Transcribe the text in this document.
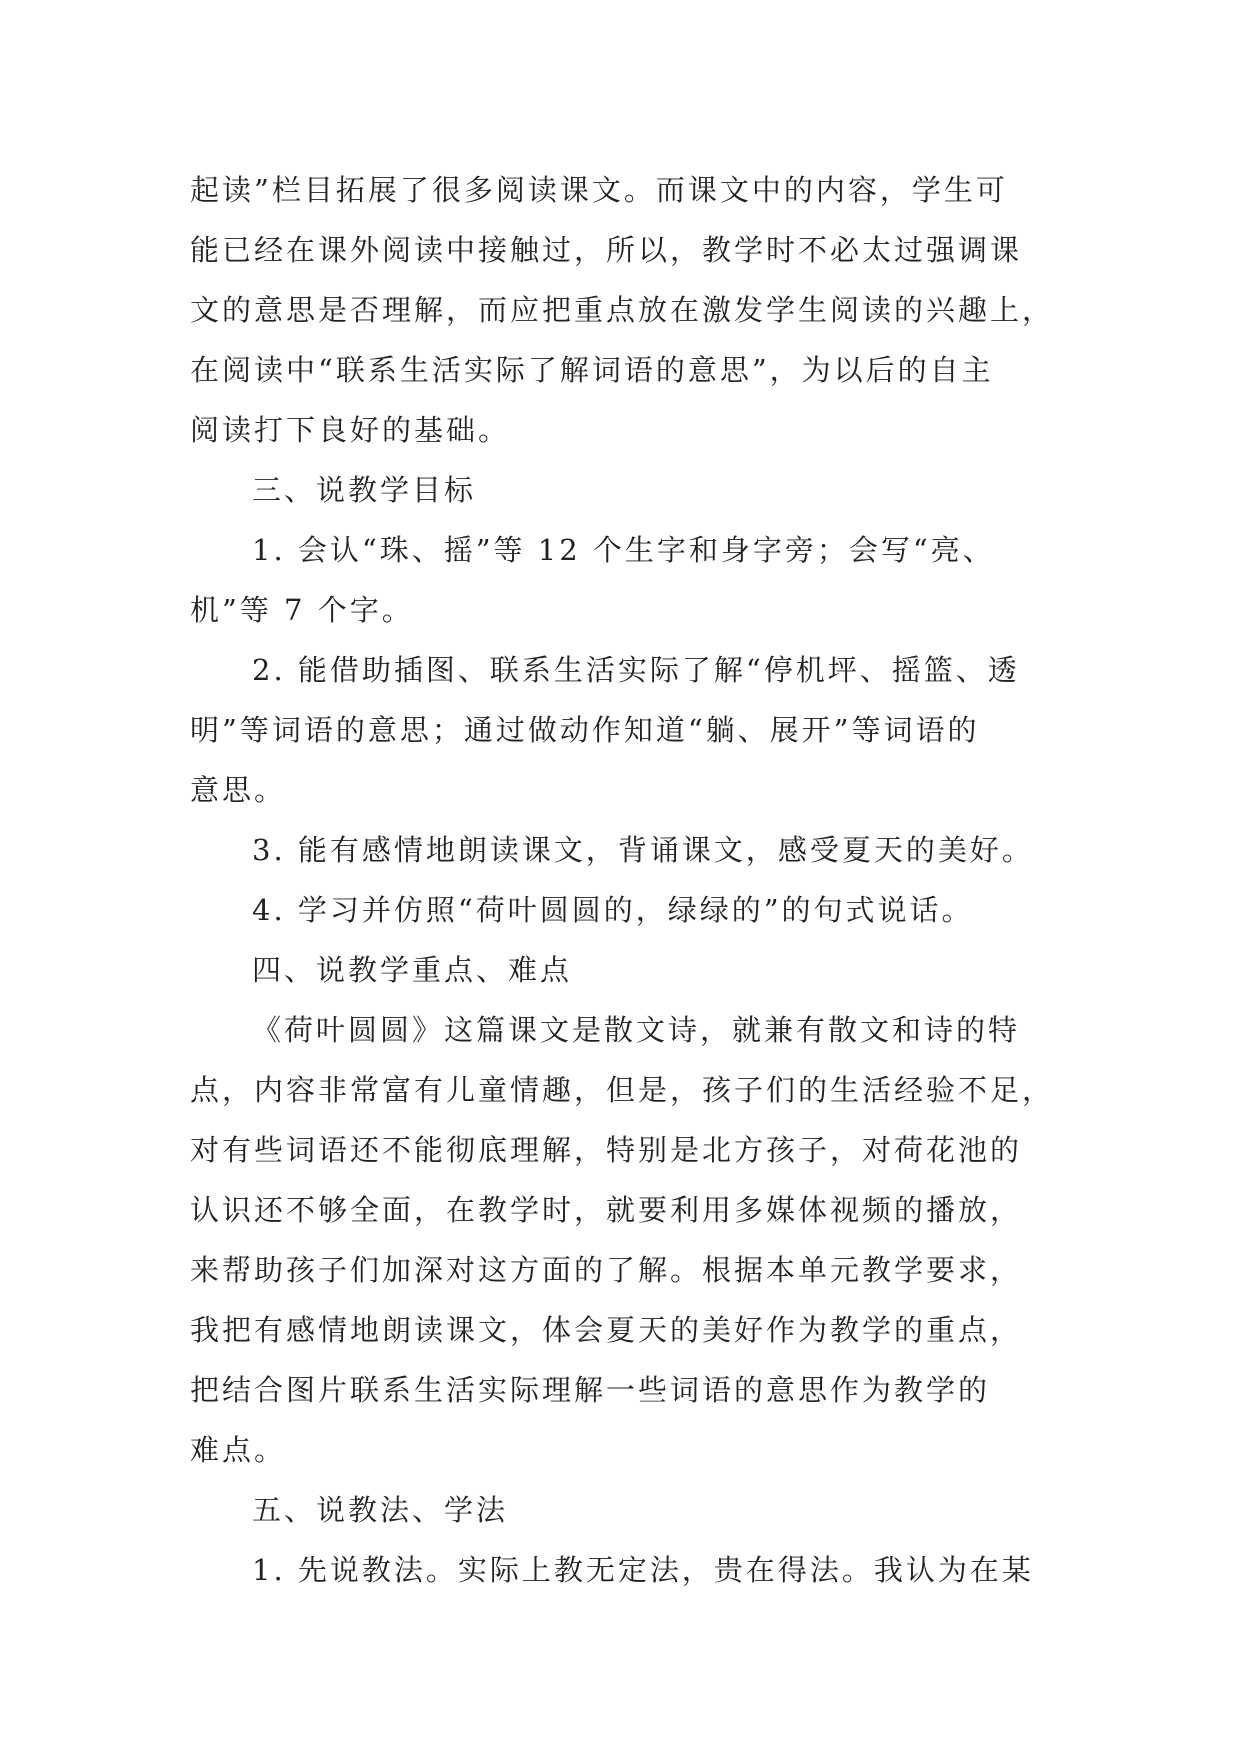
起读”栏目拓展了很多阅读课文。而课文中的内容，学生可
能已经在课外阅读中接触过，所以，教学时不必太过强调课
文的意思是否理解，而应把重点放在激发学生阅读的兴趣上，
在阅读中“联系生活实际了解词语的意思”，为以后的自主
阅读打下良好的基础。
三、说教学目标
1. 会认“珠、摇”等 12 个生字和身字旁；会写“亮、
机”等 7 个字。
2. 能借助插图、联系生活实际了解“停机坪、摇篮、透
明”等词语的意思；通过做动作知道“躺、展开”等词语的
意思。
3. 能有感情地朗读课文，背诵课文，感受夏天的美好。
4. 学习并仿照“荷叶圆圆的，绿绿的”的句式说话。
四、说教学重点、难点
《荷叶圆圆》这篇课文是散文诗，就兼有散文和诗的特
点，内容非常富有儿童情趣，但是，孩子们的生活经验不足，
对有些词语还不能彻底理解，特别是北方孩子，对荷花池的
认识还不够全面，在教学时，就要利用多媒体视频的播放，
来帮助孩子们加深对这方面的了解。根据本单元教学要求，
我把有感情地朗读课文，体会夏天的美好作为教学的重点，
把结合图片联系生活实际理解一些词语的意思作为教学的
难点。
五、说教法、学法
1. 先说教法。实际上教无定法，贵在得法。我认为在某
